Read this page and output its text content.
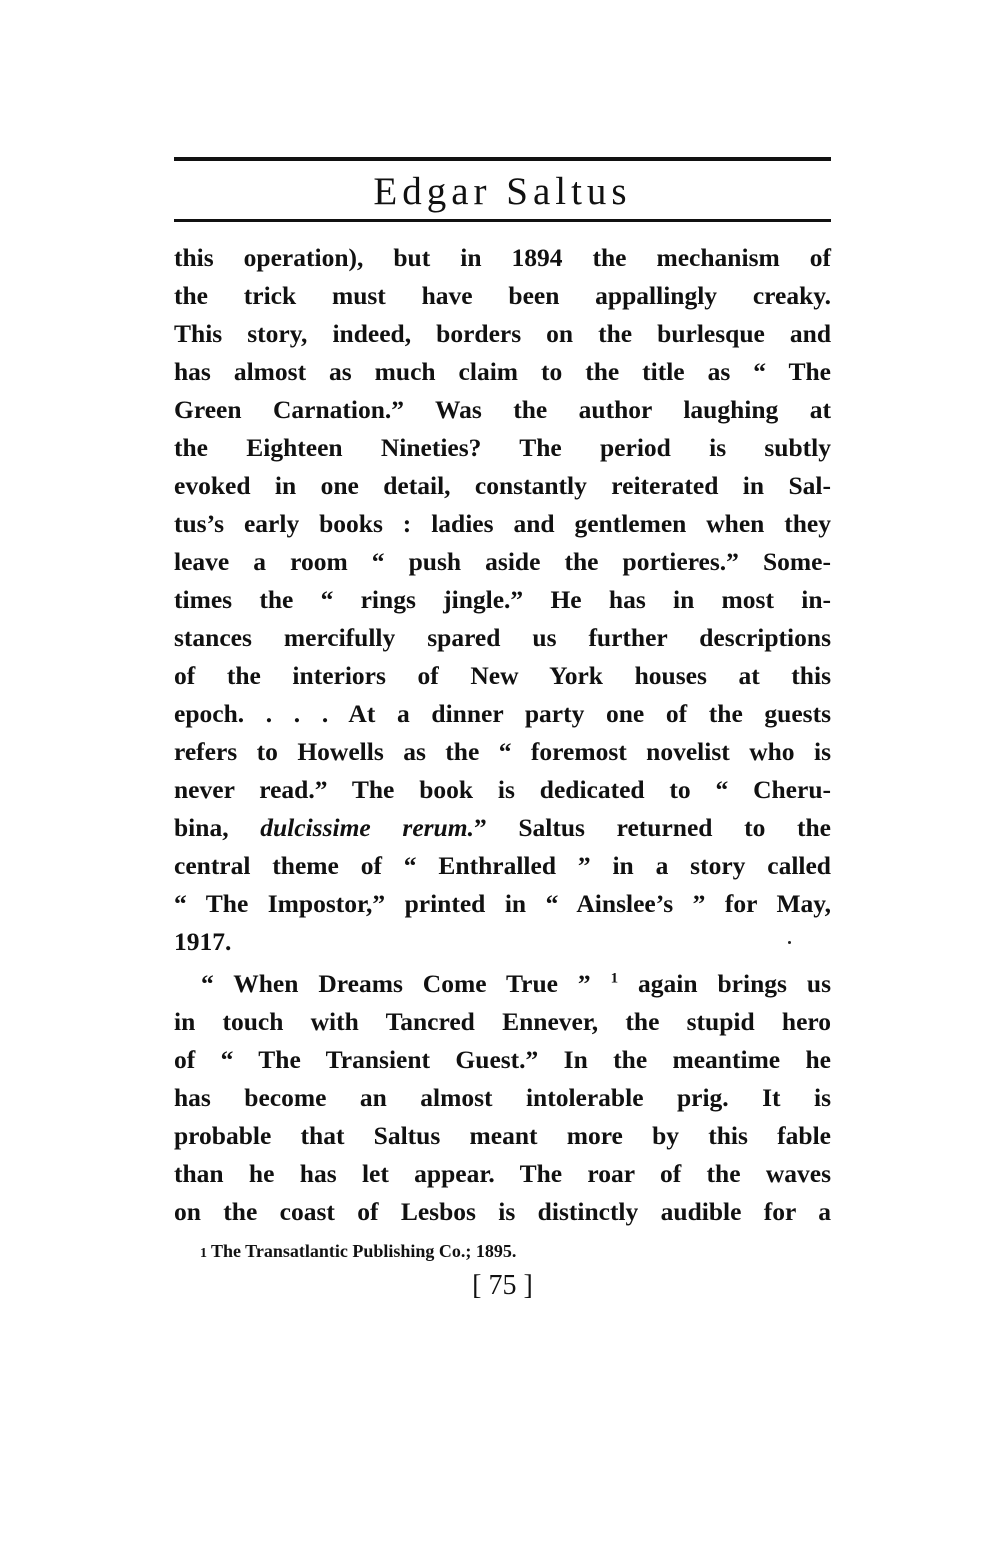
Edgar Saltus
this operation), but in 1894 the mechanism of
the trick must have been appallingly creaky.
This story, indeed, borders on the burlesque and
has almost as much claim to the title as “ The
Green Carnation.” Was the author laughing at
the Eighteen Nineties? The period is subtly
evoked in one detail, constantly reiterated in Sal-
tus’s early books : ladies and gentlemen when they
leave a room “ push aside the portieres.” Some-
times the “ rings jingle.” He has in most in-
stances mercifully spared us further descriptions
of the interiors of New York houses at this
epoch. . . . At a dinner party one of the guests
refers to Howells as the “ foremost novelist who is
never read.” The book is dedicated to “ Cheru-
bina, dulcissime rerum.” Saltus returned to the
central theme of “ Enthralled ” in a story called
“ The Impostor,” printed in “ Ainslee’s ” for May,
1917.
“ When Dreams Come True ” $^1$ again brings us
in touch with Tancred Ennever, the stupid hero
of “ The Transient Guest.” In the meantime he
has become an almost intolerable prig. It is
probable that Saltus meant more by this fable
than he has let appear. The roar of the waves
on the coast of Lesbos is distinctly audible for a
1 The Transatlantic Publishing Co.; 1895.
[ 75 ]
